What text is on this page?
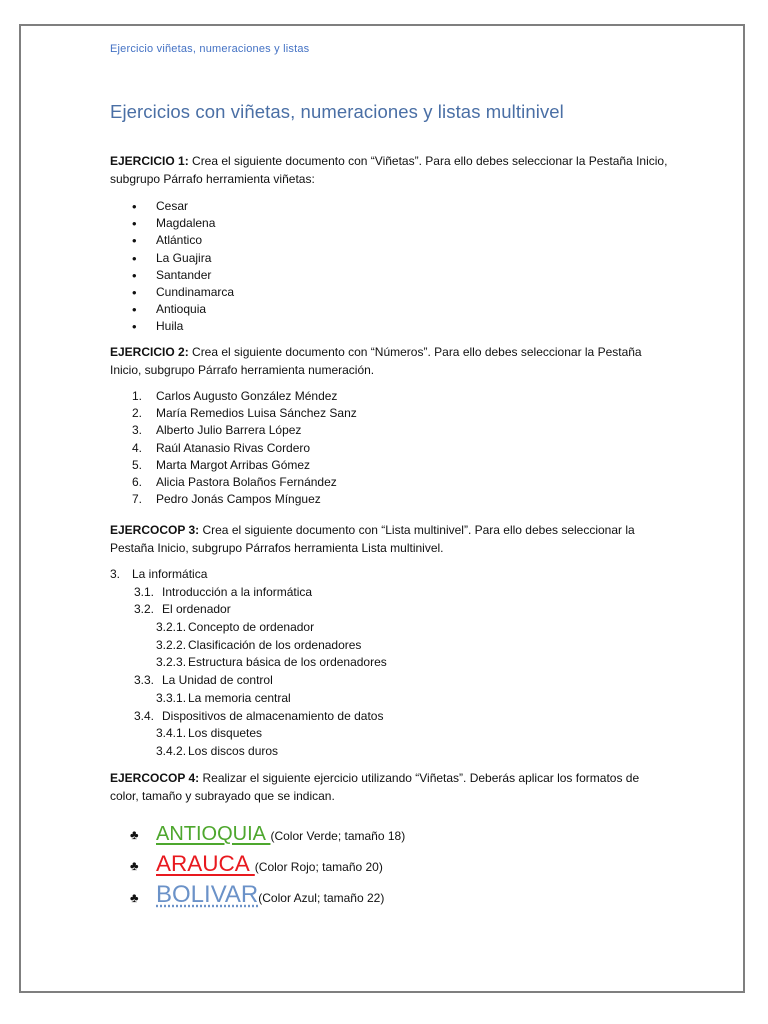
Ejercicio viñetas, numeraciones y listas
Ejercicios con viñetas, numeraciones y listas multinivel
EJERCICIO 1: Crea el siguiente documento con “Viñetas”. Para ello debes seleccionar la Pestaña Inicio, subgrupo Párrafo herramienta viñetas:
• Cesar
• Magdalena
• Atlántico
• La Guajira
• Santander
• Cundinamarca
• Antioquia
• Huila
EJERCICIO 2: Crea el siguiente documento con “Números”. Para ello debes seleccionar la Pestaña Inicio, subgrupo Párrafo herramienta numeración.
1. Carlos Augusto González Méndez
2. María Remedios Luisa Sánchez Sanz
3. Alberto Julio Barrera López
4. Raúl Atanasio Rivas Cordero
5. Marta Margot Arribas Gómez
6. Alicia Pastora Bolaños Fernández
7. Pedro Jonás Campos Mínguez
EJERCOCOP 3: Crea el siguiente documento con “Lista multinivel”. Para ello debes seleccionar la Pestaña Inicio, subgrupo Párrafos herramienta Lista multinivel.
3. La informática
3.1. Introducción a la informática
3.2. El ordenador
3.2.1. Concepto de ordenador
3.2.2. Clasificación de los ordenadores
3.2.3. Estructura básica de los ordenadores
3.3. La Unidad de control
3.3.1. La memoria central
3.4. Dispositivos de almacenamiento de datos
3.4.1. Los disquetes
3.4.2. Los discos duros
EJERCOCOP 4: Realizar el siguiente ejercicio utilizando “Viñetas”. Deberás aplicar los formatos de color, tamaño y subrayado que se indican.
♣ ANTIOQUIA (Color Verde; tamaño 18)
♣ ARAUCA (Color Rojo; tamaño 20)
♣ BOLIVAR(Color Azul; tamaño 22)
